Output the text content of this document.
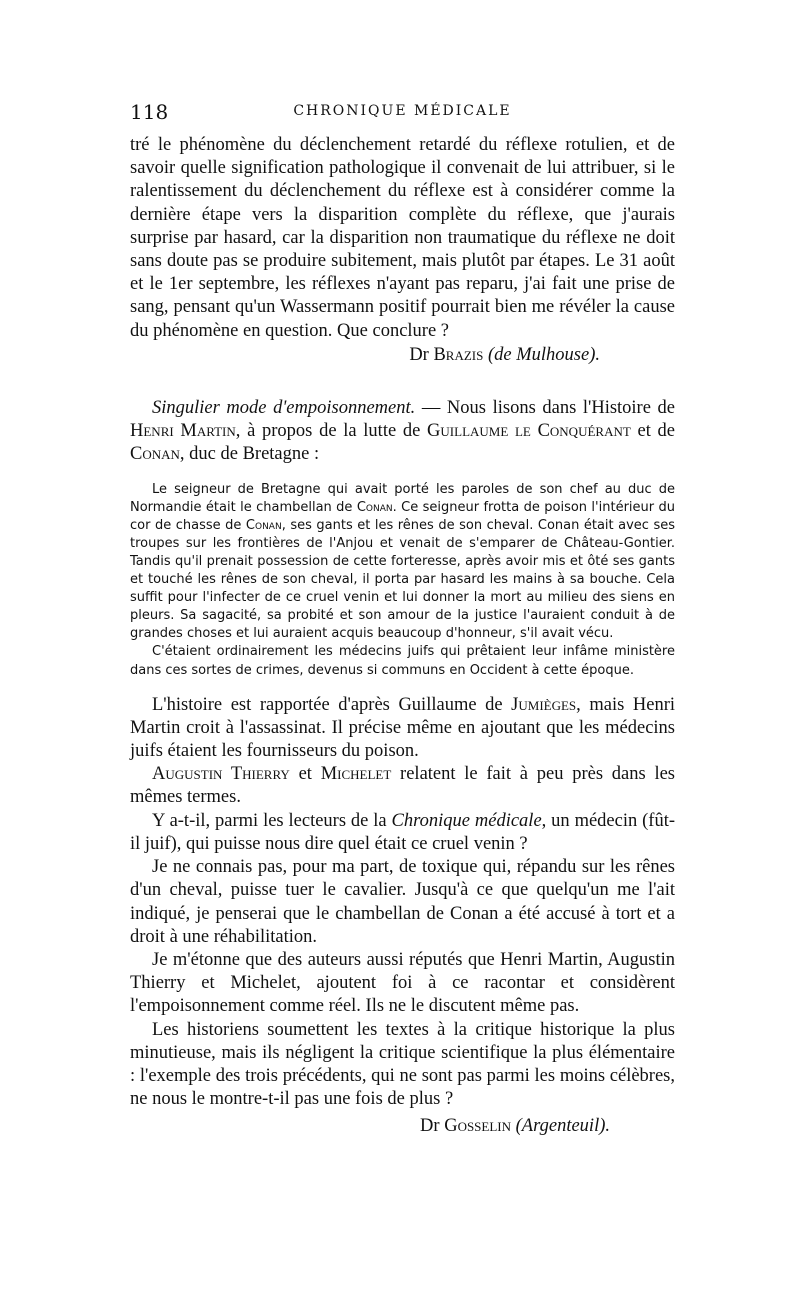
118	CHRONIQUE MÉDICALE

tré le phénomène du déclenchement retardé du réflexe rotulien, et de savoir quelle signification pathologique il convenait de lui attribuer, si le ralentissement du déclenchement du réflexe est à considérer comme la dernière étape vers la disparition complète du réflexe, que j'aurais surprise par hasard, car la disparition non traumatique du réflexe ne doit sans doute pas se produire subitement, mais plutôt par étapes. Le 31 août et le 1er septembre, les réflexes n'ayant pas reparu, j'ai fait une prise de sang, pensant qu'un Wassermann positif pourrait bien me révéler la cause du phénomène en question. Que conclure ?

Dr Brazis (de Mulhouse).

Singulier mode d'empoisonnement. — Nous lisons dans l'Histoire de Henri Martin, à propos de la lutte de Guillaume le Conquérant et de Conan, duc de Bretagne :

Le seigneur de Bretagne qui avait porté les paroles de son chef au duc de Normandie était le chambellan de Conan. Ce seigneur frotta de poison l'intérieur du cor de chasse de Conan, ses gants et les rênes de son cheval. Conan était avec ses troupes sur les frontières de l'Anjou et venait de s'emparer de Château-Gontier. Tandis qu'il prenait possession de cette forteresse, après avoir mis et ôté ses gants et touché les rênes de son cheval, il porta par hasard les mains à sa bouche. Cela suffit pour l'infecter de ce cruel venin et lui donner la mort au milieu des siens en pleurs. Sa sagacité, sa probité et son amour de la justice l'auraient conduit à de grandes choses et lui auraient acquis beaucoup d'honneur, s'il avait vécu.

C'étaient ordinairement les médecins juifs qui prêtaient leur infâme ministère dans ces sortes de crimes, devenus si communs en Occident à cette époque.

L'histoire est rapportée d'après Guillaume de Jumièges, mais Henri Martin croit à l'assassinat. Il précise même en ajoutant que les médecins juifs étaient les fournisseurs du poison.

Augustin Thierry et Michelet relatent le fait à peu près dans les mêmes termes.

Y a-t-il, parmi les lecteurs de la Chronique médicale, un médecin (fût-il juif), qui puisse nous dire quel était ce cruel venin ?

Je ne connais pas, pour ma part, de toxique qui, répandu sur les rênes d'un cheval, puisse tuer le cavalier. Jusqu'à ce que quelqu'un me l'ait indiqué, je penserai que le chambellan de Conan a été accusé à tort et a droit à une réhabilitation.

Je m'étonne que des auteurs aussi réputés que Henri Martin, Augustin Thierry et Michelet, ajoutent foi à ce racontar et considèrent l'empoisonnement comme réel. Ils ne le discutent même pas.

Les historiens soumettent les textes à la critique historique la plus minutieuse, mais ils négligent la critique scientifique la plus élémentaire : l'exemple des trois précédents, qui ne sont pas parmi les moins célèbres, ne nous le montre-t-il pas une fois de plus ?

Dr Gosselin (Argenteuil).
